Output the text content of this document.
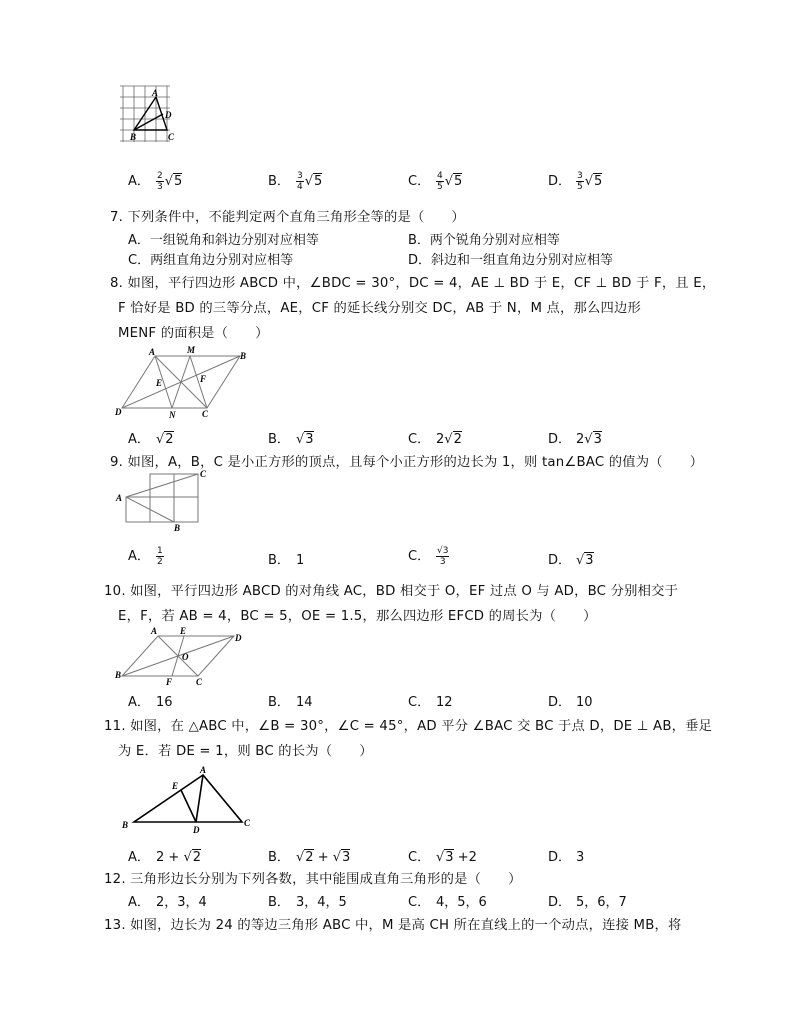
A
D
B	C
A． $\frac{2}{3} √5$	B． $\frac{3}{4} √5$	C． $\frac{4}{5} √5$	D． $\frac{3}{5} √5$
7. 下列条件中，不能判定两个直角三角形全等的是（　　）
A．一组锐角和斜边分别对应相等	B．两个锐角分别对应相等
C．两组直角边分别对应相等	D．斜边和一组直角边分别对应相等
8. 如图，平行四边形 ABCD 中，∠BDC = 30°，DC = 4，AE ⊥ BD 于 E，CF ⊥ BD 于 F，且 E，
F 恰好是 BD 的三等分点，AE，CF 的延长线分别交 DC，AB 于 N，M 点，那么四边形
MENF 的面积是（　　）
A	M
B
E	F
D	N	C
A． √2	B． √3	C． 2√2	D． 2√3
9. 如图，A，B，C 是小正方形的顶点，且每个小正方形的边长为 1，则 tan∠BAC 的值为（　　）
C
A
B
A． $\frac{1}{2}$	B． 1	C． $\frac{√3}{3}$	D． √3
10. 如图，平行四边形 ABCD 的对角线 AC，BD 相交于 O，EF 过点 O 与 AD，BC 分别相交于
E，F，若 AB = 4，BC = 5，OE = 1.5，那么四边形 EFCD 的周长为（　　）
A	E
D
O
B
F	C
A． 16	B． 14	C． 12	D． 10
11. 如图，在 △ABC 中，∠B = 30°，∠C = 45°，AD 平分 ∠BAC 交 BC 于点 D，DE ⊥ AB，垂足
为 E．若 DE = 1，则 BC 的长为（　　）
A
E
B	D
C
A． 2 + √2	B． √2 + √3	C． √3 +2	D． 3
12. 三角形边长分别为下列各数，其中能围成直角三角形的是（　　）
A． 2，3，4	B． 3，4，5	C． 4，5，6	D． 5，6，7
13. 如图，边长为 24 的等边三角形 ABC 中，M 是高 CH 所在直线上的一个动点，连接 MB，将
